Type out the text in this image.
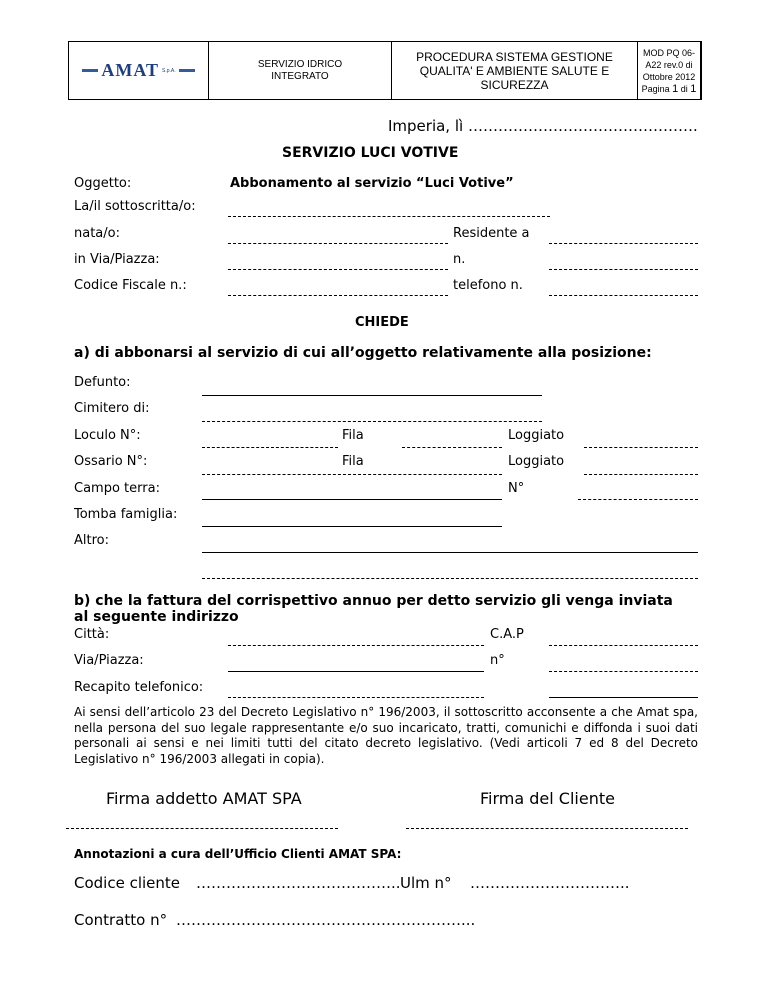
AMAT S.p.A.
SERVIZIO IDRICO INTEGRATO
PROCEDURA SISTEMA GESTIONE QUALITA' E AMBIENTE SALUTE E SICUREZZA
MOD PQ 06-A22 rev.0 di
Ottobre 2012
Pagina 1 di 1
Imperia, lì ……………………………………….
SERVIZIO LUCI VOTIVE
Oggetto:	Abbonamento al servizio “Luci Votive”
La/il sottoscritta/o:
nata/o:	Residente a
in Via/Piazza:	n.
Codice Fiscale n.:	telefono n.
CHIEDE
a) di abbonarsi al servizio di cui all’oggetto relativamente alla posizione:
Defunto:
Cimitero di:
Loculo N°:	Fila	Loggiato
Ossario N°:	Fila	Loggiato
Campo terra:	N°
Tomba famiglia:
Altro:
b) che la fattura del corrispettivo annuo per detto servizio gli venga inviata
al seguente indirizzo
Città:	C.A.P
Via/Piazza:	n°
Recapito telefonico:
Ai sensi dell’articolo 23 del Decreto Legislativo n° 196/2003, il sottoscritto acconsente a che Amat spa, nella persona del suo legale rappresentante e/o suo incaricato, tratti, comunichi e diffonda i suoi dati personali ai sensi e nei limiti tutti del citato decreto legislativo. (Vedi articoli 7 ed 8 del Decreto Legislativo n° 196/2003 allegati in copia).
Firma addetto AMAT SPA	Firma del Cliente
Annotazioni a cura dell’Ufficio Clienti AMAT SPA:
Codice cliente ………………………………….. Ulm n° …………………………..
Contratto n° …………………………………………………...
